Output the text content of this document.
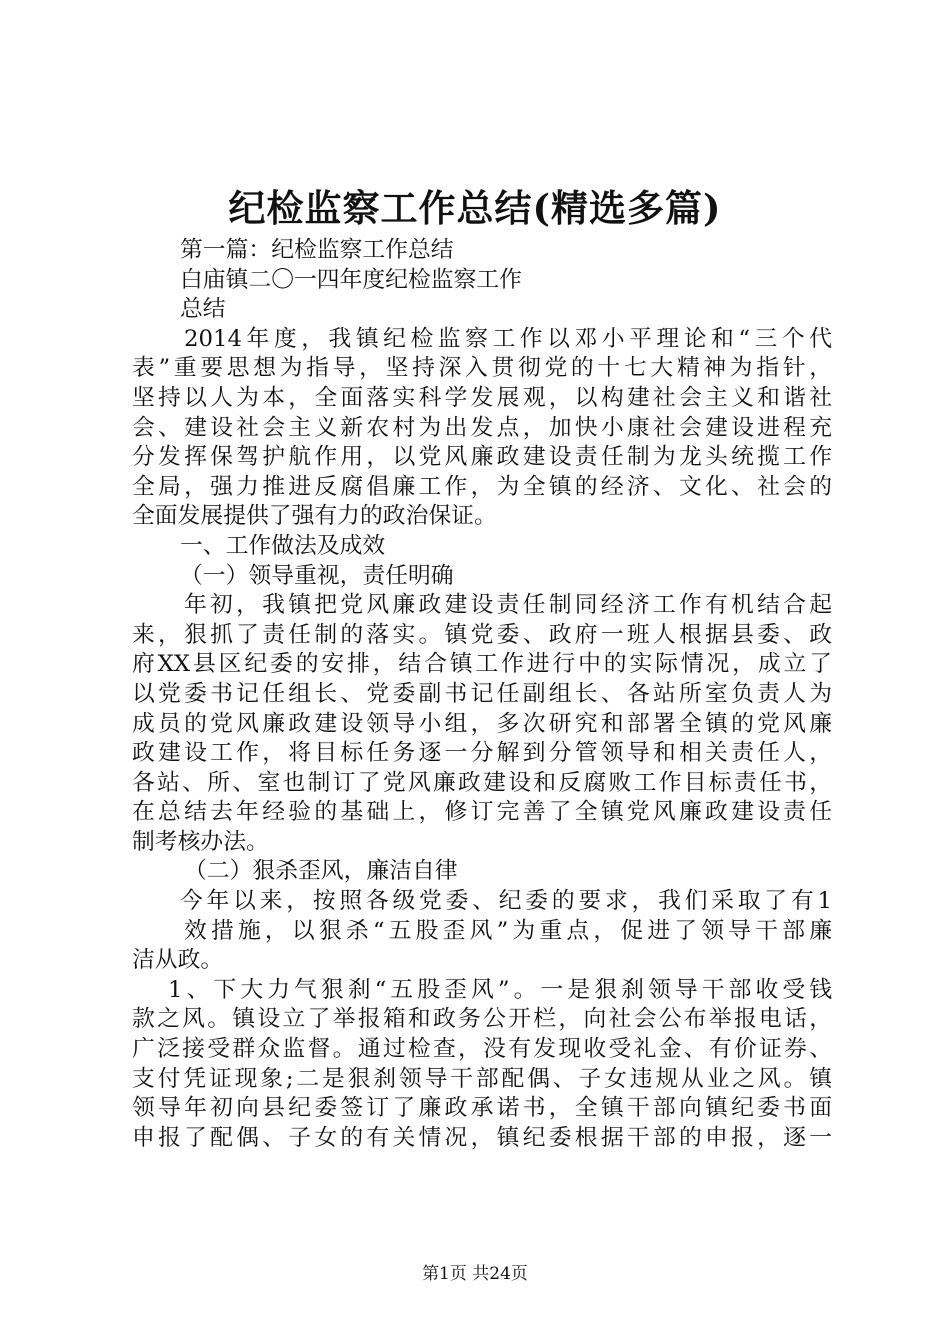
纪检监察工作总结(精选多篇)
第一篇：纪检监察工作总结
白庙镇二〇一四年度纪检监察工作
总结
2014年度，我镇纪检监察工作以邓小平理论和“三个代
表”重要思想为指导，坚持深入贯彻党的十七大精神为指针，
坚持以人为本，全面落实科学发展观，以构建社会主义和谐社
会、建设社会主义新农村为出发点，加快小康社会建设进程充
分发挥保驾护航作用，以党风廉政建设责任制为龙头统揽工作
全局，强力推进反腐倡廉工作，为全镇的经济、文化、社会的
全面发展提供了强有力的政治保证。
一、工作做法及成效
（一）领导重视，责任明确
年初，我镇把党风廉政建设责任制同经济工作有机结合起
来，狠抓了责任制的落实。镇党委、政府一班人根据县委、政
府XX县区纪委的安排，结合镇工作进行中的实际情况，成立了
以党委书记任组长、党委副书记任副组长、各站所室负责人为
成员的党风廉政建设领导小组，多次研究和部署全镇的党风廉
政建设工作，将目标任务逐一分解到分管领导和相关责任人，
各站、所、室也制订了党风廉政建设和反腐败工作目标责任书，
在总结去年经验的基础上，修订完善了全镇党风廉政建设责任
制考核办法。
（二）狠杀歪风，廉洁自律
今年以来，按照各级党委、纪委的要求，我们采取了有1
效措施，以狠杀“五股歪风”为重点，促进了领导干部廉
洁从政。
1、下大力气狠刹“五股歪风”。一是狠刹领导干部收受钱
款之风。镇设立了举报箱和政务公开栏，向社会公布举报电话，
广泛接受群众监督。通过检查，没有发现收受礼金、有价证券、
支付凭证现象;二是狠刹领导干部配偶、子女违规从业之风。镇
领导年初向县纪委签订了廉政承诺书，全镇干部向镇纪委书面
申报了配偶、子女的有关情况，镇纪委根据干部的申报，逐一
第1页 共24页
